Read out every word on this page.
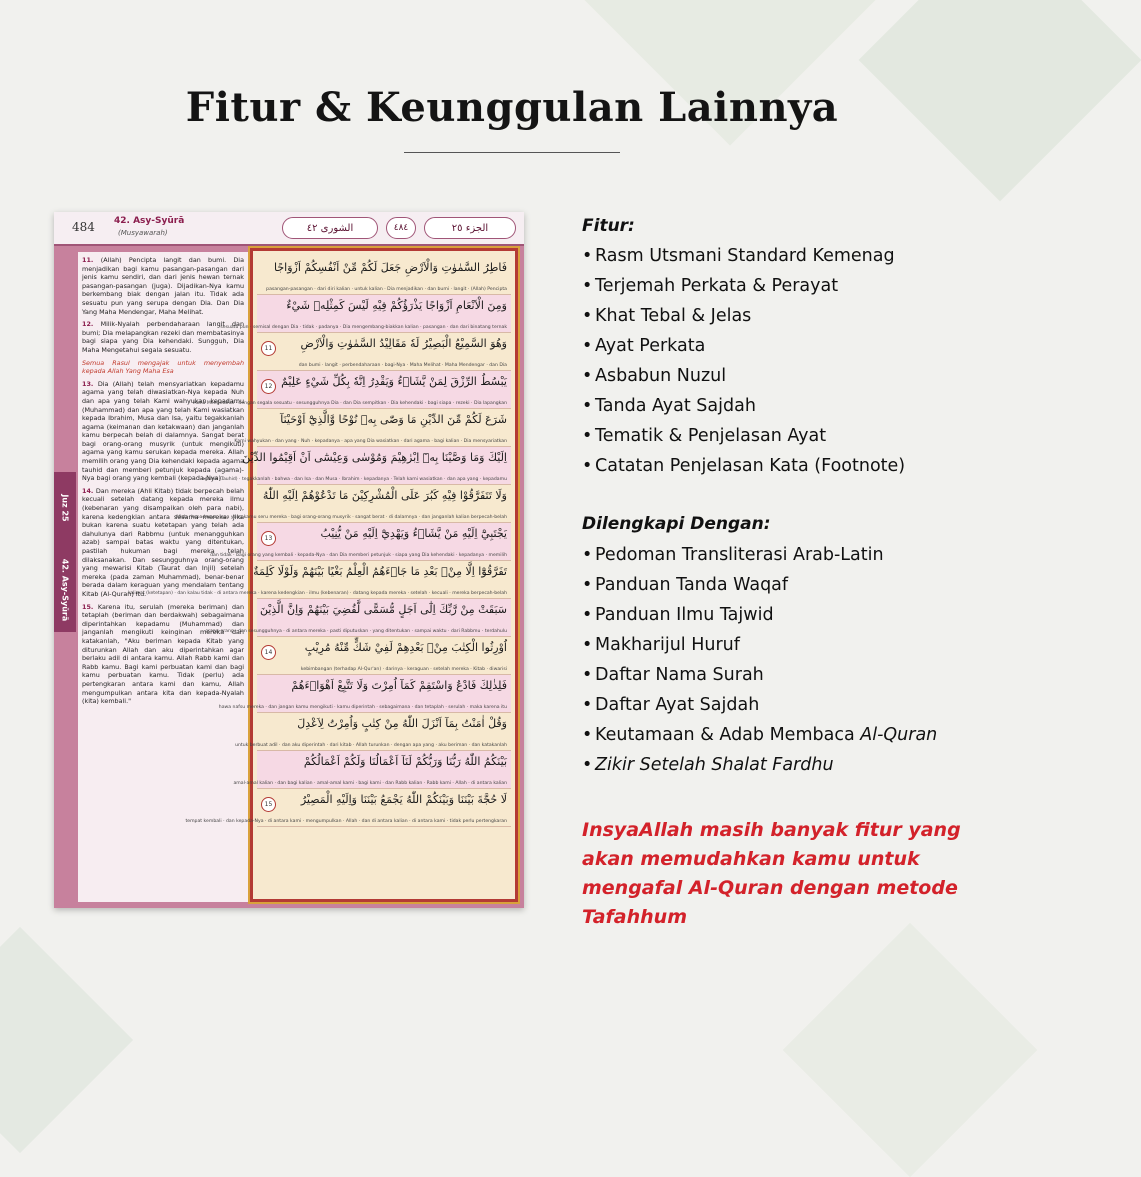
Fitur & Keunggulan Lainnya
484 42. Asy-Syūrā
(Musyawarah)	الشورى ٤٢	٤٨٤	الجزء ٢٥
Juz 25
42. Asy-Syūrā

11. (Allah) Pencipta langit dan bumi. Dia menjadikan bagi kamu pasangan-pasangan dari jenis kamu sendiri, dan dari jenis hewan ternak pasangan-pasangan (juga). Dijadikan-Nya kamu berkembang biak dengan jalan itu. Tidak ada sesuatu pun yang serupa dengan Dia. Dan Dia Yang Maha Mendengar, Maha Melihat.

12. Milik-Nyalah perbendaharaan langit dan bumi; Dia melapangkan rezeki dan membatasinya bagi siapa yang Dia kehendaki. Sungguh, Dia Maha Mengetahui segala sesuatu.

Semua Rasul mengajak untuk menyembah kepada Allah Yang Maha Esa

13. Dia (Allah) telah mensyariatkan kepadamu agama yang telah diwasiatkan-Nya kepada Nuh dan apa yang telah Kami wahyukan kepadamu (Muhammad) dan apa yang telah Kami wasiatkan kepada Ibrahim, Musa dan Isa, yaitu tegakkanlah agama (keimanan dan ketakwaan) dan janganlah kamu berpecah belah di dalamnya. Sangat berat bagi orang-orang musyrik (untuk mengikuti) agama yang kamu serukan kepada mereka. Allah memilih orang yang Dia kehendaki kepada agama tauhid dan memberi petunjuk kepada (agama)-Nya bagi orang yang kembali (kepada-Nya).

14. Dan mereka (Ahli Kitab) tidak berpecah belah kecuali setelah datang kepada mereka ilmu (kebenaran yang disampaikan oleh para nabi), karena kedengkian antara sesama mereka. Jika bukan karena suatu ketetapan yang telah ada dahulunya dari Rabbmu (untuk menangguhkan azab) sampai batas waktu yang ditentukan, pastilah hukuman bagi mereka telah dilaksanakan. Dan sesungguhnya orang-orang yang mewarisi Kitab (Taurat dan Injil) setelah mereka (pada zaman Muhammad), benar-benar berada dalam keraguan yang mendalam tentang Kitab (Al-Quran) itu.

15. Karena itu, serulah (mereka beriman) dan tetaplah (beriman dan berdakwah) sebagaimana diperintahkan kepadamu (Muhammad) dan janganlah mengikuti keinginan mereka dan katakanlah, "Aku beriman kepada Kitab yang diturunkan Allah dan aku diperintahkan agar berlaku adil di antara kamu. Allah Rabb kami dan Rabb kamu. Bagi kami perbuatan kami dan bagi kamu perbuatan kamu. Tidak (perlu) ada pertengkaran antara kami dan kamu, Allah mengumpulkan antara kita dan kepada-Nyalah (kita) kembali."

فَاطِرُ السَّمٰوٰتِ وَالْاَرْضِ جَعَلَ لَكُمْ مِّنْ اَنْفُسِكُمْ اَزْوَاجًا
pasangan-pasangan · dari diri kalian · untuk kalian · Dia menjadikan · dan bumi · langit · (Allah) Pencipta
وَمِنَ الْاَنْعَامِ اَزْوَاجًا يَذْرَؤُكُمْ فِيْهِ لَيْسَ كَمِثْلِهٖ شَيْءٌ
sesuatu pun · semisal dengan Dia · tidak · padanya · Dia mengembang-biakkan kalian · pasangan · dan dari binatang ternak
وَهُوَ السَّمِيْعُ الْبَصِيْرُ لَهٗ مَقَالِيْدُ السَّمٰوٰتِ وَالْاَرْضِ
dan bumi · langit · perbendaharaan · bagi-Nya · Maha Melihat · Maha Mendengar · dan Dia
11
يَبْسُطُ الرِّزْقَ لِمَنْ يَّشَاۤءُ وَيَقْدِرُ اِنَّهٗ بِكُلِّ شَيْءٍ عَلِيْمٌ
Maha Mengetahui · dengan segala sesuatu · sesungguhnya Dia · dan Dia sempitkan · Dia kehendaki · bagi siapa · rezeki · Dia lapangkan
12
شَرَعَ لَكُمْ مِّنَ الدِّيْنِ مَا وَصّٰى بِهٖ نُوْحًا وَّالَّذِيْٓ اَوْحَيْنَآ
Kami wahyukan · dan yang · Nuh · kepadanya · apa yang Dia wasiatkan · dari agama · bagi kalian · Dia mensyariatkan
اِلَيْكَ وَمَا وَصَّيْنَا بِهٖٓ اِبْرٰهِيْمَ وَمُوْسٰى وَعِيْسٰٓى اَنْ اَقِيْمُوا الدِّيْنَ
agama (Tauhid) · tegakkanlah · bahwa · dan Isa · dan Musa · Ibrahim · kepadanya · Telah kami wasiatkan · dan apa yang · kepadamu
وَلَا تَتَفَرَّقُوْا فِيْهِ كَبُرَ عَلَى الْمُشْرِكِيْنَ مَا تَدْعُوْهُمْ اِلَيْهِ اللّٰهُ
Allah · kepadanya · apa yang kamu seru mereka · bagi orang-orang musyrik · sangat berat · di dalamnya · dan janganlah kalian berpecah-belah
يَجْتَبِيْٓ اِلَيْهِ مَنْ يَّشَاۤءُ وَيَهْدِيْٓ اِلَيْهِ مَنْ يُّنِيْبُ
dan tidak · bagi orang yang kembali · kepada-Nya · dan Dia memberi petunjuk · siapa yang Dia kehendaki · kepadanya · memilih
13
تَفَرَّقُوْٓا اِلَّا مِنْۢ بَعْدِ مَا جَاۤءَهُمُ الْعِلْمُ بَغْيًا بَيْنَهُمْ وَلَوْلَا كَلِمَةٌ
kalimat (ketetapan) · dan kalau tidak · di antara mereka · karena kedengkian · ilmu (kebenaran) · datang kepada mereka · setelah · kecuali · mereka berpecah-belah
سَبَقَتْ مِنْ رَّبِّكَ اِلٰٓى اَجَلٍ مُّسَمًّى لَّقُضِيَ بَيْنَهُمْ وَاِنَّ الَّذِيْنَ
orang-orang · dan sesungguhnya · di antara mereka · pasti diputuskan · yang ditentukan · sampai waktu · dari Rabbmu · terdahulu
اُوْرِثُوا الْكِتٰبَ مِنْۢ بَعْدِهِمْ لَفِيْ شَكٍّ مِّنْهُ مُرِيْبٍ
kebimbangan (terhadap Al-Qur'an) · darinya · keraguan · setelah mereka · Kitab · diwarisi
14
فَلِذٰلِكَ فَادْعُ وَاسْتَقِمْ كَمَآ اُمِرْتَ وَلَا تَتَّبِعْ اَهْوَاۤءَهُمْ
hawa nafsu mereka · dan jangan kamu mengikuti · kamu diperintah · sebagaimana · dan tetaplah · serulah · maka karena itu
وَقُلْ اٰمَنْتُ بِمَآ اَنْزَلَ اللّٰهُ مِنْ كِتٰبٍ وَاُمِرْتُ لِاَعْدِلَ
untuk berbuat adil · dan aku diperintah · dari kitab · Allah turunkan · dengan apa yang · aku beriman · dan katakanlah
بَيْنَكُمُ اللّٰهُ رَبُّنَا وَرَبُّكُمْ لَنَآ اَعْمَالُنَا وَلَكُمْ اَعْمَالُكُمْ
amal-amal kalian · dan bagi kalian · amal-amal kami · bagi kami · dan Rabb kalian · Rabb kami · Allah · di antara kalian
لَا حُجَّةَ بَيْنَنَا وَبَيْنَكُمْ اللّٰهُ يَجْمَعُ بَيْنَنَا وَاِلَيْهِ الْمَصِيْرُ
tempat kembali · dan kepada-Nya · di antara kami · mengumpulkan · Allah · dan di antara kalian · di antara kami · tidak perlu pertengkaran
15
Fitur:
• Rasm Utsmani Standard Kemenag
• Terjemah Perkata & Perayat
• Khat Tebal & Jelas
• Ayat Perkata
• Asbabun Nuzul
• Tanda Ayat Sajdah
• Tematik & Penjelasan Ayat
• Catatan Penjelasan Kata (Footnote)
Dilengkapi Dengan:
• Pedoman Transliterasi Arab-Latin
• Panduan Tanda Waqaf
• Panduan Ilmu Tajwid
• Makharijul Huruf
• Daftar Nama Surah
• Daftar Ayat Sajdah
• Keutamaan & Adab Membaca Al-Quran
• Zikir Setelah Shalat Fardhu
InsyaAllah masih banyak fitur yang akan memudahkan kamu untuk mengafal Al-Quran dengan metode Tafahhum
